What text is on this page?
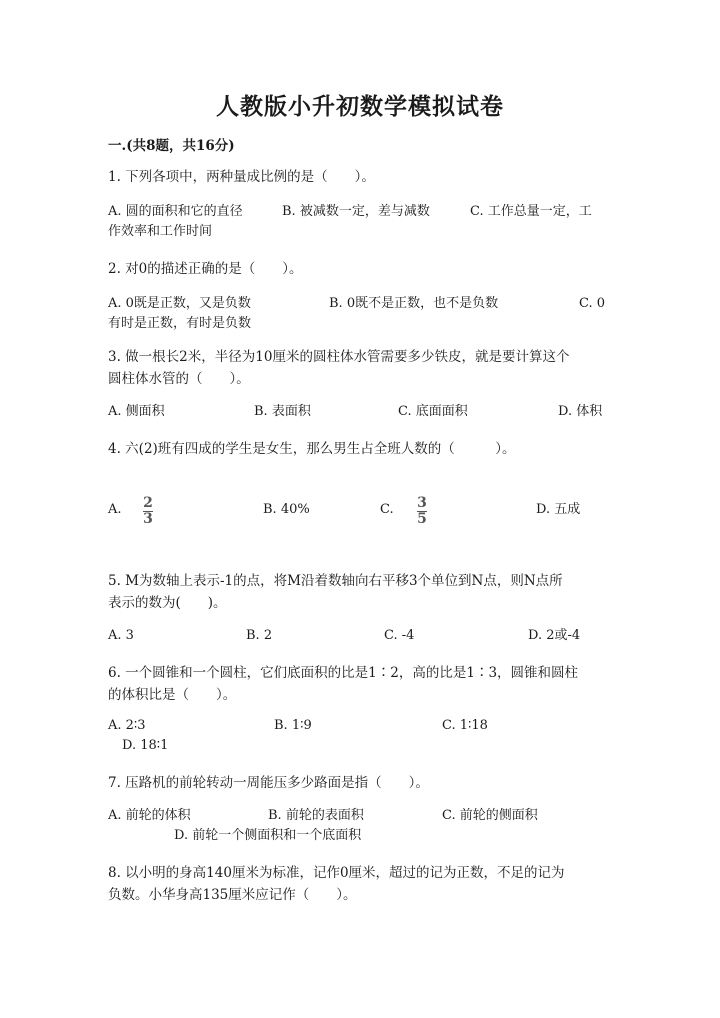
人教版小升初数学模拟试卷
一.(共8题，共16分)
1. 下列各项中，两种量成比例的是（　　）。
A. 圆的面积和它的直径	B. 被减数一定，差与减数	C. 工作总量一定，工
作效率和工作时间
2. 对0的描述正确的是（　　）。
A. 0既是正数，又是负数	B. 0既不是正数，也不是负数	C. 0
有时是正数，有时是负数
3. 做一根长2米，半径为10厘米的圆柱体水管需要多少铁皮，就是要计算这个
圆柱体水管的（　　）。
A. 侧面积	B. 表面积	C. 底面面积	D. 体积
4. 六(2)班有四成的学生是女生，那么男生占全班人数的（　　　）。
A. 2
3
B. 40%	C. 3
5
D. 五成
5. M为数轴上表示-1的点，将M沿着数轴向右平移3个单位到N点，则N点所
表示的数为(　　)。
A. 3	B. 2	C. -4	D. 2或-4
6. 一个圆锥和一个圆柱，它们底面积的比是1∶2，高的比是1∶3，圆锥和圆柱
的体积比是（　　）。
A. 2∶3	B. 1∶9	C. 1∶18
D. 18∶1
7. 压路机的前轮转动一周能压多少路面是指（　　）。
A. 前轮的体积	B. 前轮的表面积	C. 前轮的侧面积
D. 前轮一个侧面积和一个底面积
8. 以小明的身高140厘米为标准，记作0厘米，超过的记为正数，不足的记为
负数。小华身高135厘米应记作（　　）。
